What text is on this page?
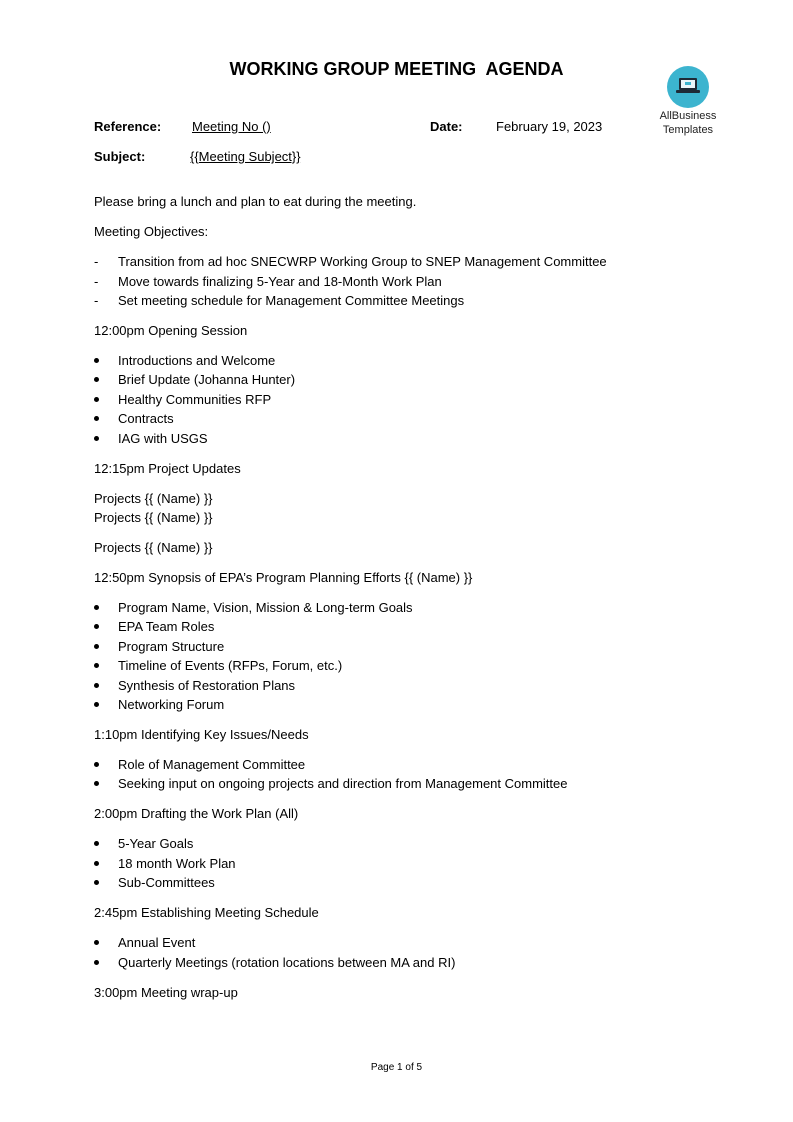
WORKING GROUP MEETING  AGENDA
AllBusiness
Templates
Reference: Meeting No ()	Date:	February 19, 2023
Subject:	{{Meeting Subject}}
Please bring a lunch and plan to eat during the meeting.
Meeting Objectives:
- Transition from ad hoc SNECWRP Working Group to SNEP Management Committee
- Move towards finalizing 5-Year and 18-Month Work Plan
- Set meeting schedule for Management Committee Meetings
12:00pm Opening Session
Introductions and Welcome
Brief Update (Johanna Hunter)
Healthy Communities RFP
Contracts
IAG with USGS
12:15pm Project Updates
Projects {{ (Name) }}
Projects {{ (Name) }}
Projects {{ (Name) }}
12:50pm Synopsis of EPA’s Program Planning Efforts {{ (Name) }}
Program Name, Vision, Mission & Long-term Goals
EPA Team Roles
Program Structure
Timeline of Events (RFPs, Forum, etc.)
Synthesis of Restoration Plans
Networking Forum
1:10pm Identifying Key Issues/Needs
Role of Management Committee
Seeking input on ongoing projects and direction from Management Committee
2:00pm Drafting the Work Plan (All)
5-Year Goals
18 month Work Plan
Sub-Committees
2:45pm Establishing Meeting Schedule
Annual Event
Quarterly Meetings (rotation locations between MA and RI)
3:00pm Meeting wrap-up
Page 1 of 5
